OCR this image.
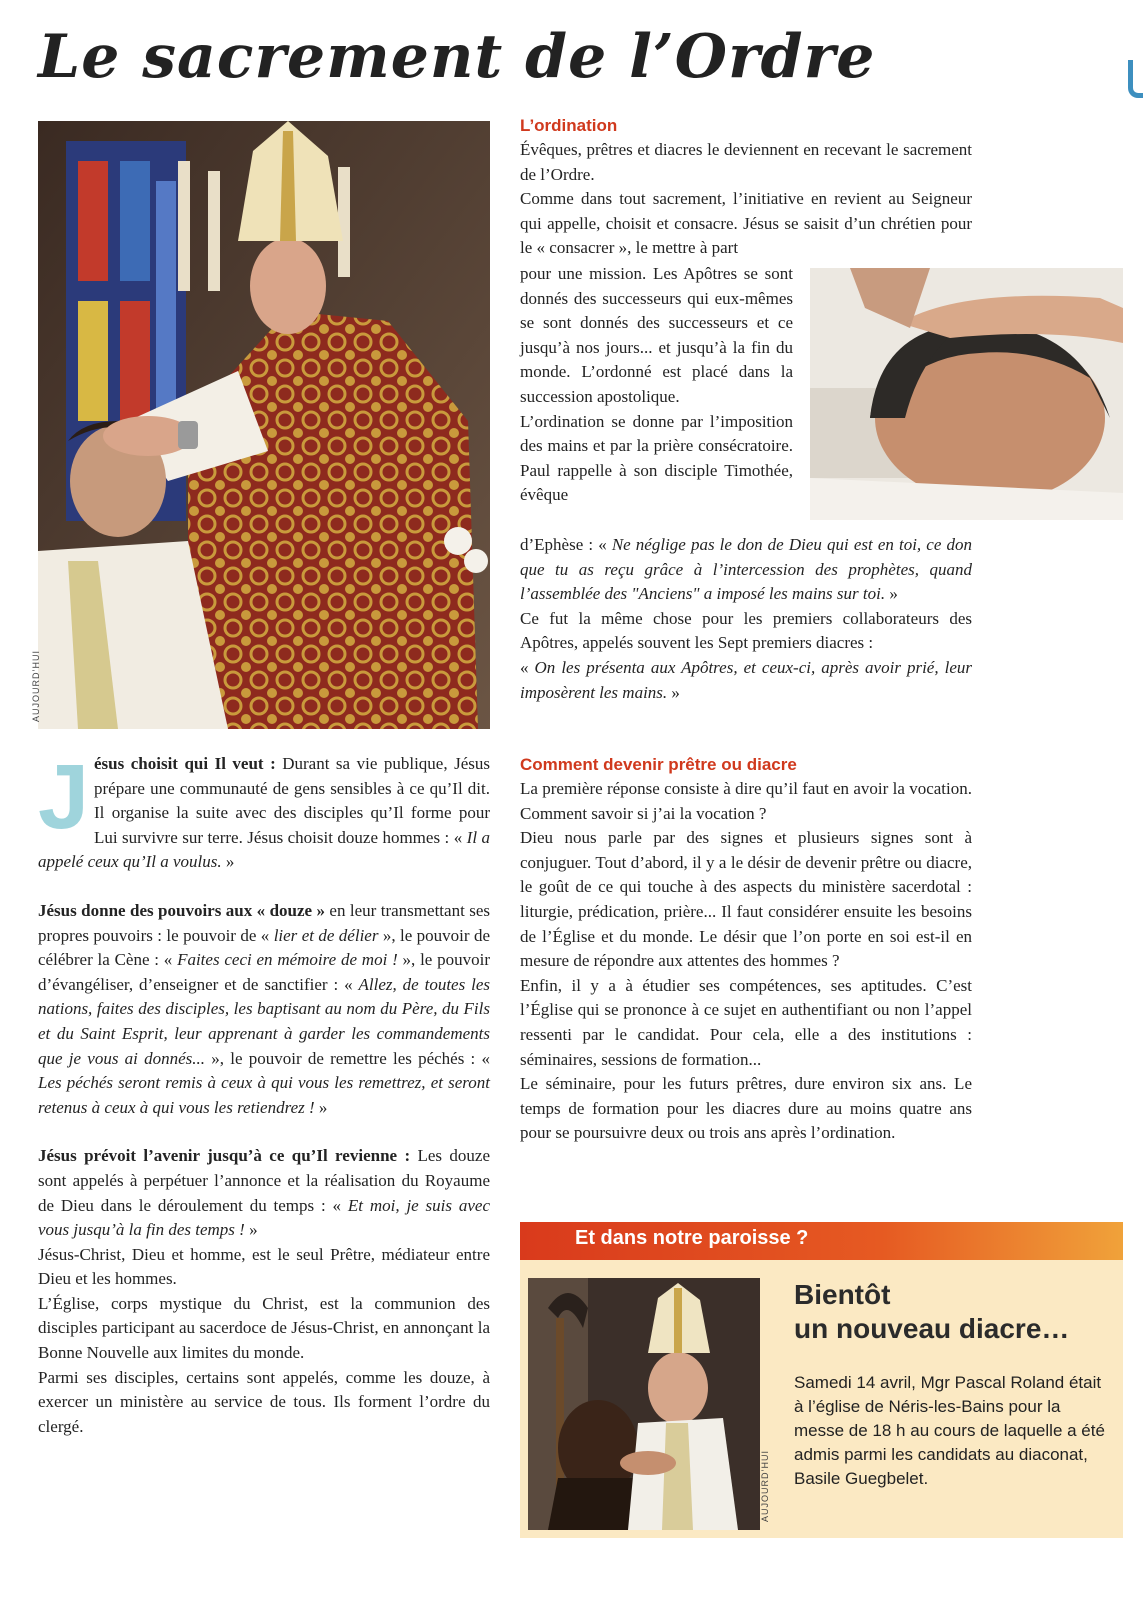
Le sacrement de l’Ordre
AUJOURD’HUI

Jésus choisit qui Il veut : Durant sa vie publique, Jésus prépare une communauté de gens sensibles à ce qu’Il dit. Il organise la suite avec des disciples qu’Il forme pour Lui survivre sur terre. Jésus choisit douze hommes : « Il a appelé ceux qu’Il a voulus. »

Jésus donne des pouvoirs aux « douze » en leur transmettant ses propres pouvoirs : le pouvoir de « lier et de délier », le pouvoir de célébrer la Cène : « Faites ceci en mémoire de moi ! », le pouvoir d’évangéliser, d’enseigner et de sanctifier : « Allez, de toutes les nations, faites des disciples, les baptisant au nom du Père, du Fils et du Saint Esprit, leur apprenant à garder les commandements que je vous ai donnés... », le pouvoir de remettre les péchés : « Les péchés seront remis à ceux à qui vous les remettrez, et seront retenus à ceux à qui vous les retiendrez ! »

Jésus prévoit l’avenir jusqu’à ce qu’Il revienne : Les douze sont appelés à perpétuer l’annonce et la réalisation du Royaume de Dieu dans le déroulement du temps : « Et moi, je suis avec vous jusqu’à la fin des temps ! »

Jésus-Christ, Dieu et homme, est le seul Prêtre, médiateur entre Dieu et les hommes.

L’Église, corps mystique du Christ, est la communion des disciples participant au sacerdoce de Jésus-Christ, en annonçant la Bonne Nouvelle aux limites du monde.

Parmi ses disciples, certains sont appelés, comme les douze, à exercer un ministère au service de tous. Ils forment l’ordre du clergé.

L’ordination

Évêques, prêtres et diacres le deviennent en recevant le sacrement de l’Ordre.

Comme dans tout sacrement, l’initiative en revient au Seigneur qui appelle, choisit et consacre. Jésus se saisit d’un chrétien pour le « consacrer », le mettre à part

pour une mission. Les Apôtres se sont donnés des successeurs qui eux-mêmes se sont donnés des successeurs et ce jusqu’à nos jours... et jusqu’à la fin du monde. L’ordonné est placé dans la succession apostolique.

L’ordination se donne par l’imposition des mains et par la prière consécratoire. Paul rappelle à son disciple Timothée, évêque

d’Ephèse : « Ne néglige pas le don de Dieu qui est en toi, ce don que tu as reçu grâce à l’intercession des prophètes, quand l’assemblée des "Anciens" a imposé les mains sur toi. »

Ce fut la même chose pour les premiers collaborateurs des Apôtres, appelés souvent les Sept premiers diacres :

« On les présenta aux Apôtres, et ceux-ci, après avoir prié, leur imposèrent les mains. »

Comment devenir prêtre ou diacre

La première réponse consiste à dire qu’il faut en avoir la vocation. Comment savoir si j’ai la vocation ?

Dieu nous parle par des signes et plusieurs signes sont à conjuguer. Tout d’abord, il y a le désir de devenir prêtre ou diacre, le goût de ce qui touche à des aspects du ministère sacerdotal : liturgie, prédication, prière... Il faut considérer ensuite les besoins de l’Église et du monde. Le désir que l’on porte en soi est-il en mesure de répondre aux attentes des hommes ?

Enfin, il y a à étudier ses compétences, ses aptitudes. C’est l’Église qui se prononce à ce sujet en authentifiant ou non l’appel ressenti par le candidat. Pour cela, elle a des institutions : séminaires, sessions de formation...

Le séminaire, pour les futurs prêtres, dure environ six ans. Le temps de formation pour les diacres dure au moins quatre ans pour se poursuivre deux ou trois ans après l’ordination.

Et dans notre paroisse ?
AUJOURD’HUI
Bientôt
un nouveau diacre…

Samedi 14 avril, Mgr Pascal Roland était à l’église de Néris-les-Bains pour la messe de 18 h au cours de laquelle a été admis parmi les candidats au diaconat, Basile Guegbelet.
